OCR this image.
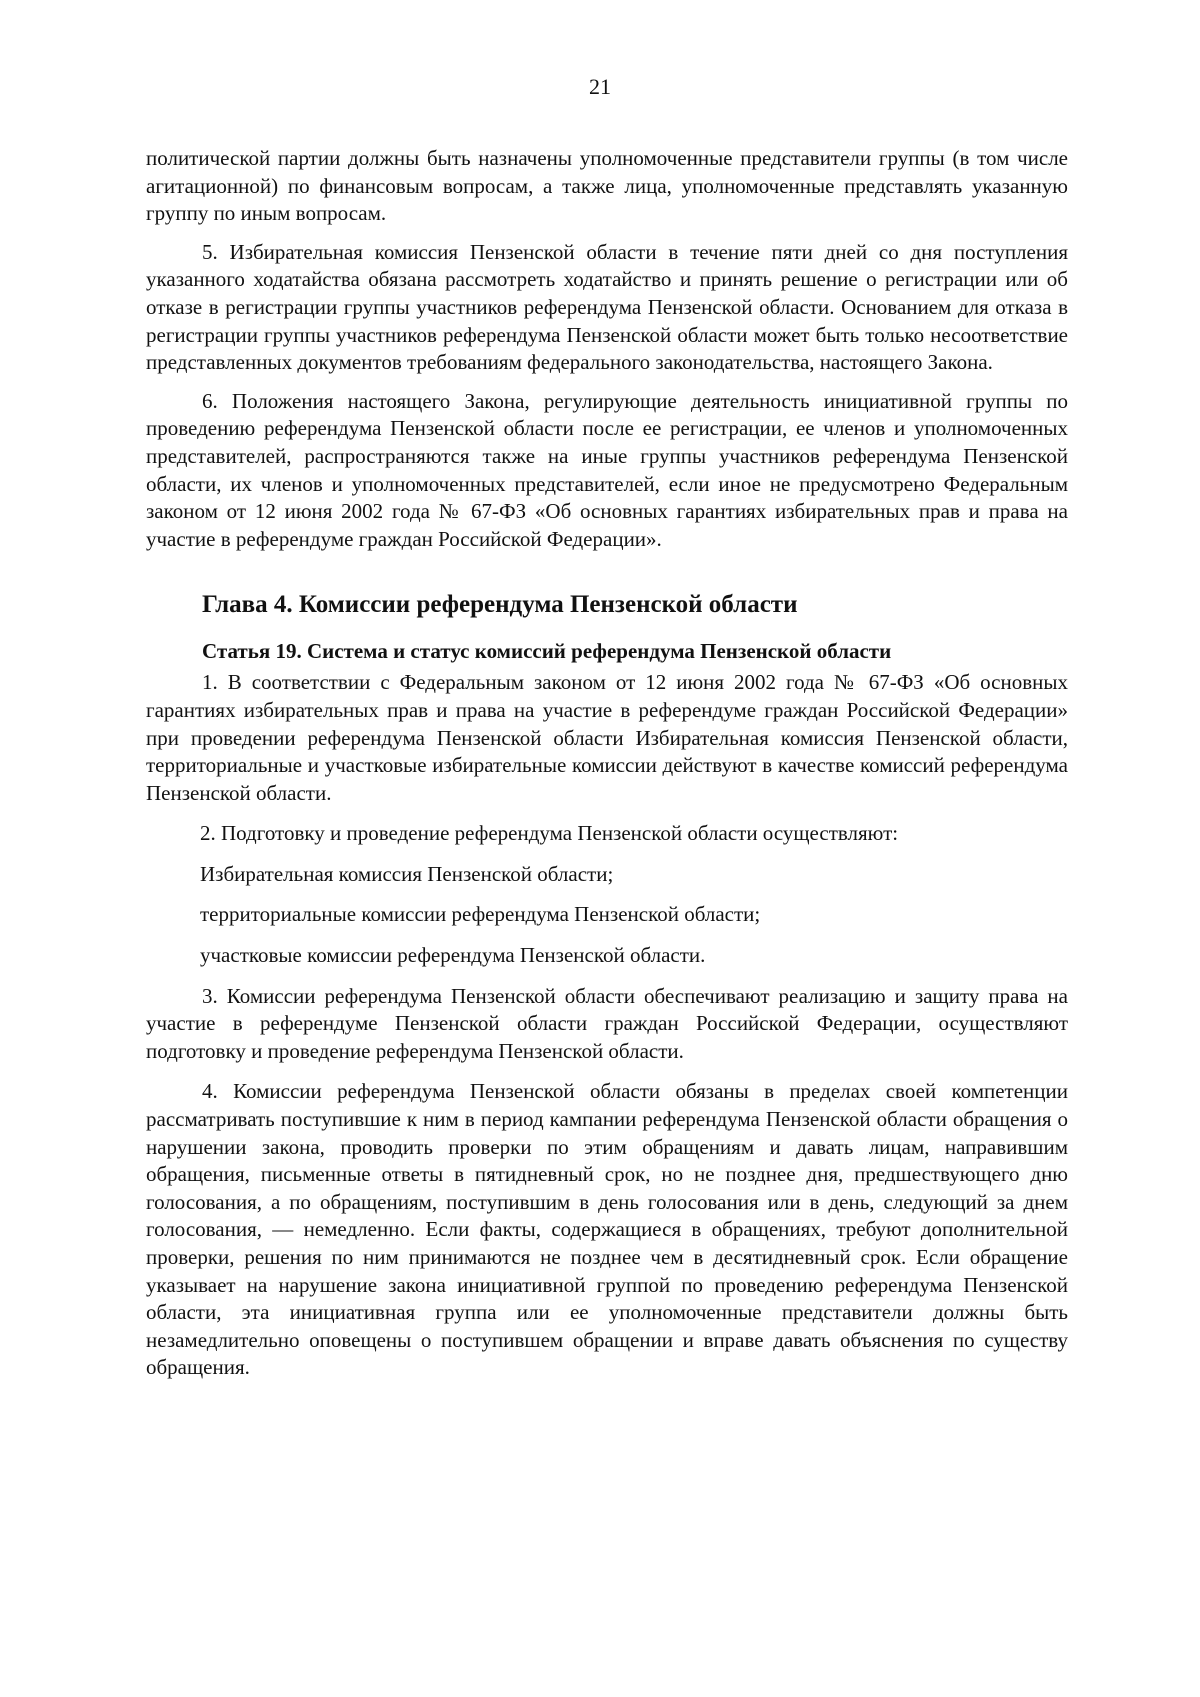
21

политической партии должны быть назначены уполномоченные представители группы (в том числе агитационной) по финансовым вопросам, а также лица, уполномоченные представлять указанную группу по иным вопросам.

5. Избирательная комиссия Пензенской области в течение пяти дней со дня поступления указанного ходатайства обязана рассмотреть ходатайство и принять решение о регистрации или об отказе в регистрации группы участников референдума Пензенской области. Основанием для отказа в регистрации группы участников референдума Пензенской области может быть только несоответствие представленных документов требованиям федерального законодательства, настоящего Закона.

6. Положения настоящего Закона, регулирующие деятельность инициативной группы по проведению референдума Пензенской области после ее регистрации, ее членов и уполномоченных представителей, распространяются также на иные группы участников референдума Пензенской области, их членов и уполномоченных представителей, если иное не предусмотрено Федеральным законом от 12 июня 2002 года № 67-ФЗ «Об основных гарантиях избирательных прав и права на участие в референдуме граждан Российской Федерации».

Глава 4. Комиссии референдума Пензенской области
Статья 19. Система и статус комиссий референдума Пензенской области

1. В соответствии с Федеральным законом от 12 июня 2002 года № 67-ФЗ «Об основных гарантиях избирательных прав и права на участие в референдуме граждан Российской Федерации» при проведении референдума Пензенской области Избирательная комиссия Пензенской области, территориальные и участковые избирательные комиссии действуют в качестве комиссий референдума Пензенской области.

2. Подготовку и проведение референдума Пензенской области осуществляют:

Избирательная комиссия Пензенской области;

территориальные комиссии референдума Пензенской области;

участковые комиссии референдума Пензенской области.

3. Комиссии референдума Пензенской области обеспечивают реализацию и защиту права на участие в референдуме Пензенской области граждан Российской Федерации, осуществляют подготовку и проведение референдума Пензенской области.

4. Комиссии референдума Пензенской области обязаны в пределах своей компетенции рассматривать поступившие к ним в период кампании референдума Пензенской области обращения о нарушении закона, проводить проверки по этим обращениям и давать лицам, направившим обращения, письменные ответы в пятидневный срок, но не позднее дня, предшествующего дню голосования, а по обращениям, поступившим в день голосования или в день, следующий за днем голосования, — немедленно. Если факты, содержащиеся в обращениях, требуют дополнительной проверки, решения по ним принимаются не позднее чем в десятидневный срок. Если обращение указывает на нарушение закона инициативной группой по проведению референдума Пензенской области, эта инициативная группа или ее уполномоченные представители должны быть незамедлительно оповещены о поступившем обращении и вправе давать объяснения по существу обращения.
